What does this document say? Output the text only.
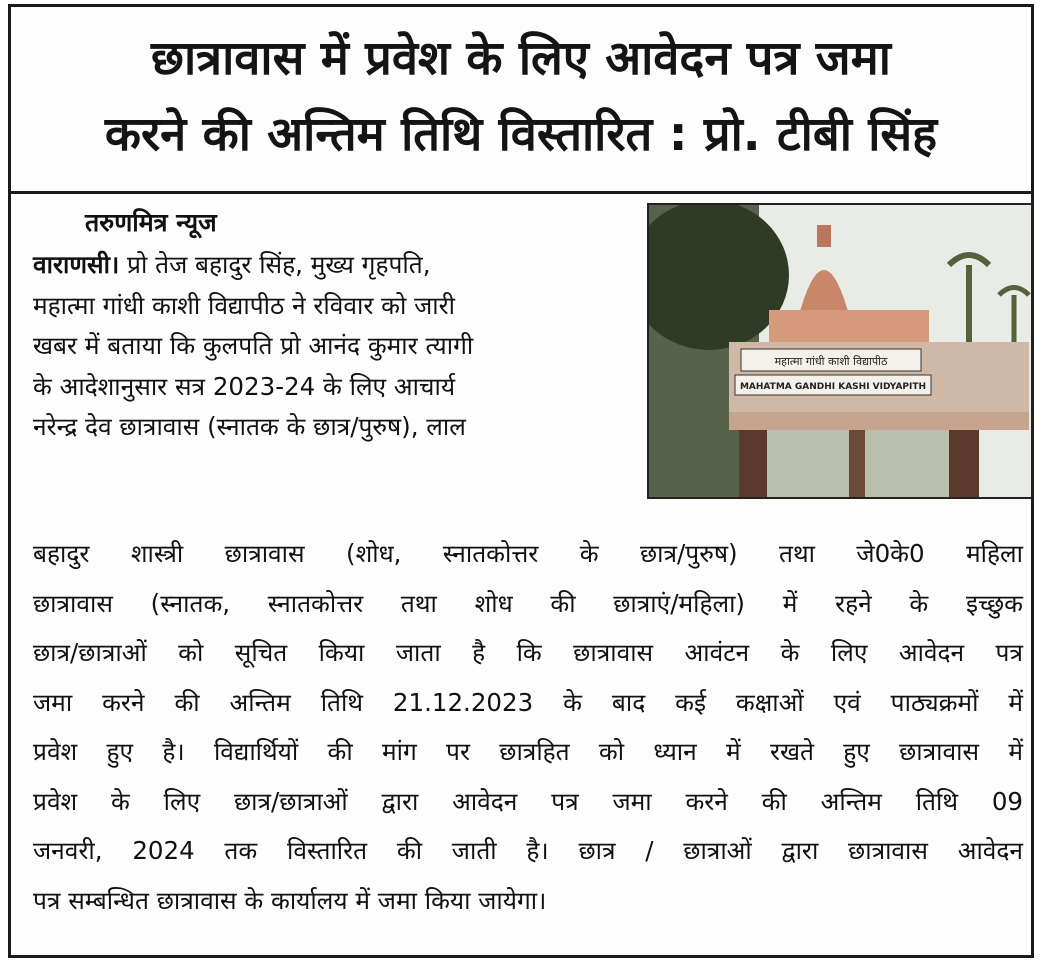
छात्रावास में प्रवेश के लिए आवेदन पत्र जमा
करने की अन्तिम तिथि विस्तारित : प्रो. टीबी सिंह
तरुणमित्र न्यूज
वाराणसी। प्रो तेज बहादुर सिंह, मुख्य गृहपति,
महात्मा गांधी काशी विद्यापीठ ने रविवार को जारी
खबर में बताया कि कुलपति प्रो आनंद कुमार त्यागी
के आदेशानुसार सत्र 2023-24 के लिए आचार्य
नरेन्द्र देव छात्रावास (स्नातक के छात्र/पुरुष), लाल
महात्मा गांधी काशी विद्यापीठ
MAHATMA GANDHI KASHI VIDYAPITH
बहादुर शास्त्री छात्रावास (शोध, स्नातकोत्तर के छात्र/पुरुष) तथा जे0के0 महिला
छात्रावास (स्नातक, स्नातकोत्तर तथा शोध की छात्राएं/महिला) में रहने के इच्छुक
छात्र/छात्राओं को सूचित किया जाता है कि छात्रावास आवंटन के लिए आवेदन पत्र
जमा करने की अन्तिम तिथि 21.12.2023 के बाद कई कक्षाओं एवं पाठ्यक्रमों में
प्रवेश हुए है। विद्यार्थियों की मांग पर छात्रहित को ध्यान में रखते हुए छात्रावास में
प्रवेश के लिए छात्र/छात्राओं द्वारा आवेदन पत्र जमा करने की अन्तिम तिथि 09
जनवरी, 2024 तक विस्तारित की जाती है। छात्र / छात्राओं द्वारा छात्रावास आवेदन
पत्र सम्बन्धित छात्रावास के कार्यालय में जमा किया जायेगा।
